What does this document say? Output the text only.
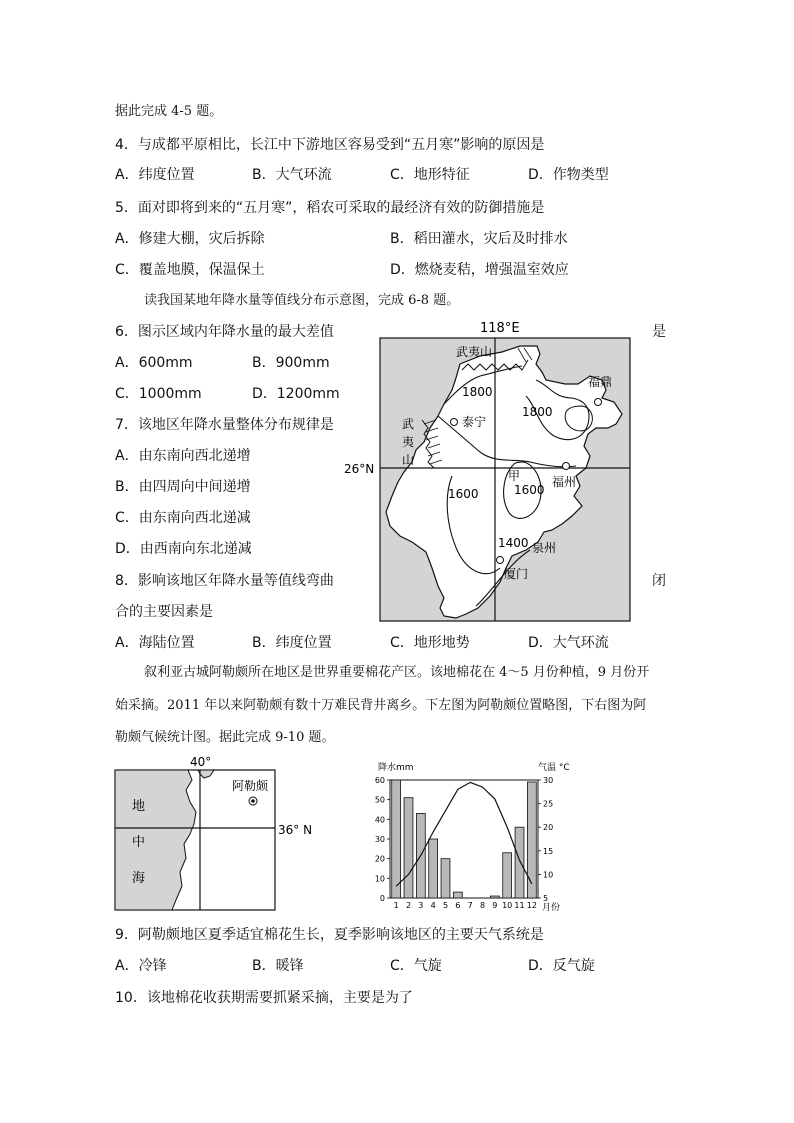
据此完成 4-5 题。
4．与成都平原相比，长江中下游地区容易受到“五月寒”影响的原因是
A．纬度位置	B．大气环流	C．地形特征	D．作物类型
5．面对即将到来的“五月寒”，稻农可采取的最经济有效的防御措施是
A．修建大棚，灾后拆除	B．稻田灌水，灾后及时排水
C．覆盖地膜，保温保土	D．燃烧麦秸，增强温室效应
读我国某地年降水量等值线分布示意图，完成 6-8 题。
6．图示区域内年降水量的最大差值	是
A．600mm	B．900mm
C．1000mm	D．1200mm
7．该地区年降水量整体分布规律是
A．由东南向西北递增
B．由四周向中间递增
C．由东南向西北递减
D．由西南向东北递减
8．影响该地区年降水量等值线弯曲	闭
合的主要因素是
A．海陆位置	B．纬度位置	C．地形地势	D．大气环流
118°E
26°N
武夷山
武
夷
山
泰宁
福鼎
甲	福州
泉州
厦门
1800
1800
1600	1600
1400
叙利亚古城阿勒颇所在地区是世界重要棉花产区。该地棉花在 4～5 月份种植，9 月份开
始采摘。2011 年以来阿勒颇有数十万难民背井离乡。下左图为阿勒颇位置略图，下右图为阿
勒颇气候统计图。据此完成 9-10 题。
40°
36° N
阿勒颇
地
中
海
降水mm	气温 °C
月份
0
10
20
30
40
50
60
5
10
15
20
25
30
1 2 3 4 5 6 7 8 9 10 11 12
9．阿勒颇地区夏季适宜棉花生长，夏季影响该地区的主要天气系统是
A．冷锋	B．暖锋	C．气旋	D．反气旋
10．该地棉花收获期需要抓紧采摘，主要是为了
